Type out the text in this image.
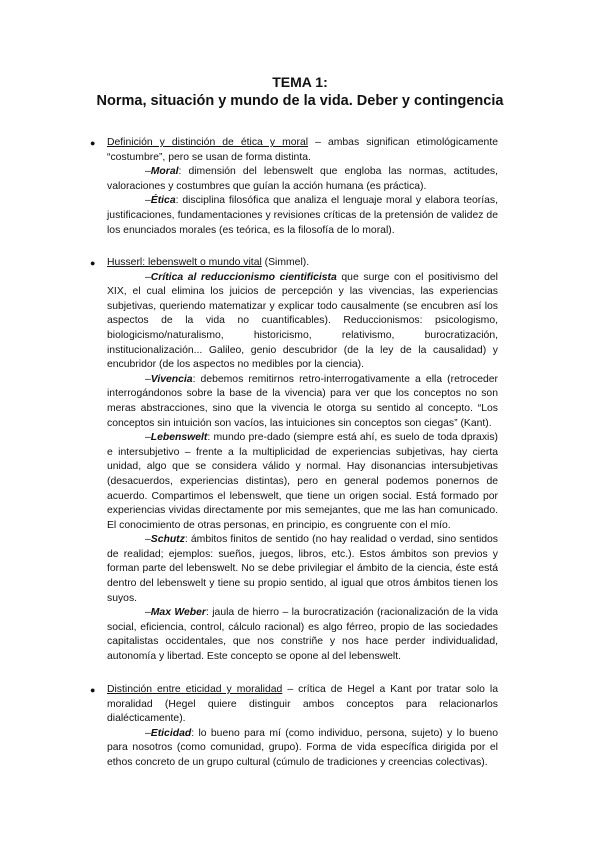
TEMA 1:
Norma, situación y mundo de la vida. Deber y contingencia
● Definición y distinción de ética y moral – ambas significan etimológicamente “costumbre”, pero se usan de forma distinta.

–Moral: dimensión del lebenswelt que engloba las normas, actitudes, valoraciones y costumbres que guían la acción humana (es práctica).

–Ética: disciplina filosófica que analiza el lenguaje moral y elabora teorías, justificaciones, fundamentaciones y revisiones críticas de la pretensión de validez de los enunciados morales (es teórica, es la filosofía de lo moral).

● Husserl: lebenswelt o mundo vital (Simmel).

–Crítica al reduccionismo cientificista que surge con el positivismo del XIX, el cual elimina los juicios de percepción y las vivencias, las experiencias subjetivas, queriendo matematizar y explicar todo causalmente (se encubren así los aspectos de la vida no cuantificables). Reduccionismos: psicologismo, biologicismo/naturalismo, historicismo, relativismo, burocratización, institucionalización... Galileo, genio descubridor (de la ley de la causalidad) y encubridor (de los aspectos no medibles por la ciencia).

–Vivencia: debemos remitirnos retro-interrogativamente a ella (retroceder interrogándonos sobre la base de la vivencia) para ver que los conceptos no son meras abstracciones, sino que la vivencia le otorga su sentido al concepto. “Los conceptos sin intuición son vacíos, las intuiciones sin conceptos son ciegas” (Kant).

–Lebenswelt: mundo pre-dado (siempre está ahí, es suelo de toda dpraxis) e intersubjetivo – frente a la multiplicidad de experiencias subjetivas, hay cierta unidad, algo que se considera válido y normal. Hay disonancias intersubjetivas (desacuerdos, experiencias distintas), pero en general podemos ponernos de acuerdo. Compartimos el lebenswelt, que tiene un origen social. Está formado por experiencias vividas directamente por mis semejantes, que me las han comunicado. El conocimiento de otras personas, en principio, es congruente con el mío.

–Schutz: ámbitos finitos de sentido (no hay realidad o verdad, sino sentidos de realidad; ejemplos: sueños, juegos, libros, etc.). Estos ámbitos son previos y forman parte del lebenswelt. No se debe privilegiar el ámbito de la ciencia, éste está dentro del lebenswelt y tiene su propio sentido, al igual que otros ámbitos tienen los suyos.

–Max Weber: jaula de hierro – la burocratización (racionalización de la vida social, eficiencia, control, cálculo racional) es algo férreo, propio de las sociedades capitalistas occidentales, que nos constriñe y nos hace perder individualidad, autonomía y libertad. Este concepto se opone al del lebenswelt.

● Distinción entre eticidad y moralidad – crítica de Hegel a Kant por tratar solo la moralidad (Hegel quiere distinguir ambos conceptos para relacionarlos dialécticamente).

–Eticidad: lo bueno para mí (como individuo, persona, sujeto) y lo bueno para nosotros (como comunidad, grupo). Forma de vida específica dirigida por el ethos concreto de un grupo cultural (cúmulo de tradiciones y creencias colectivas).
